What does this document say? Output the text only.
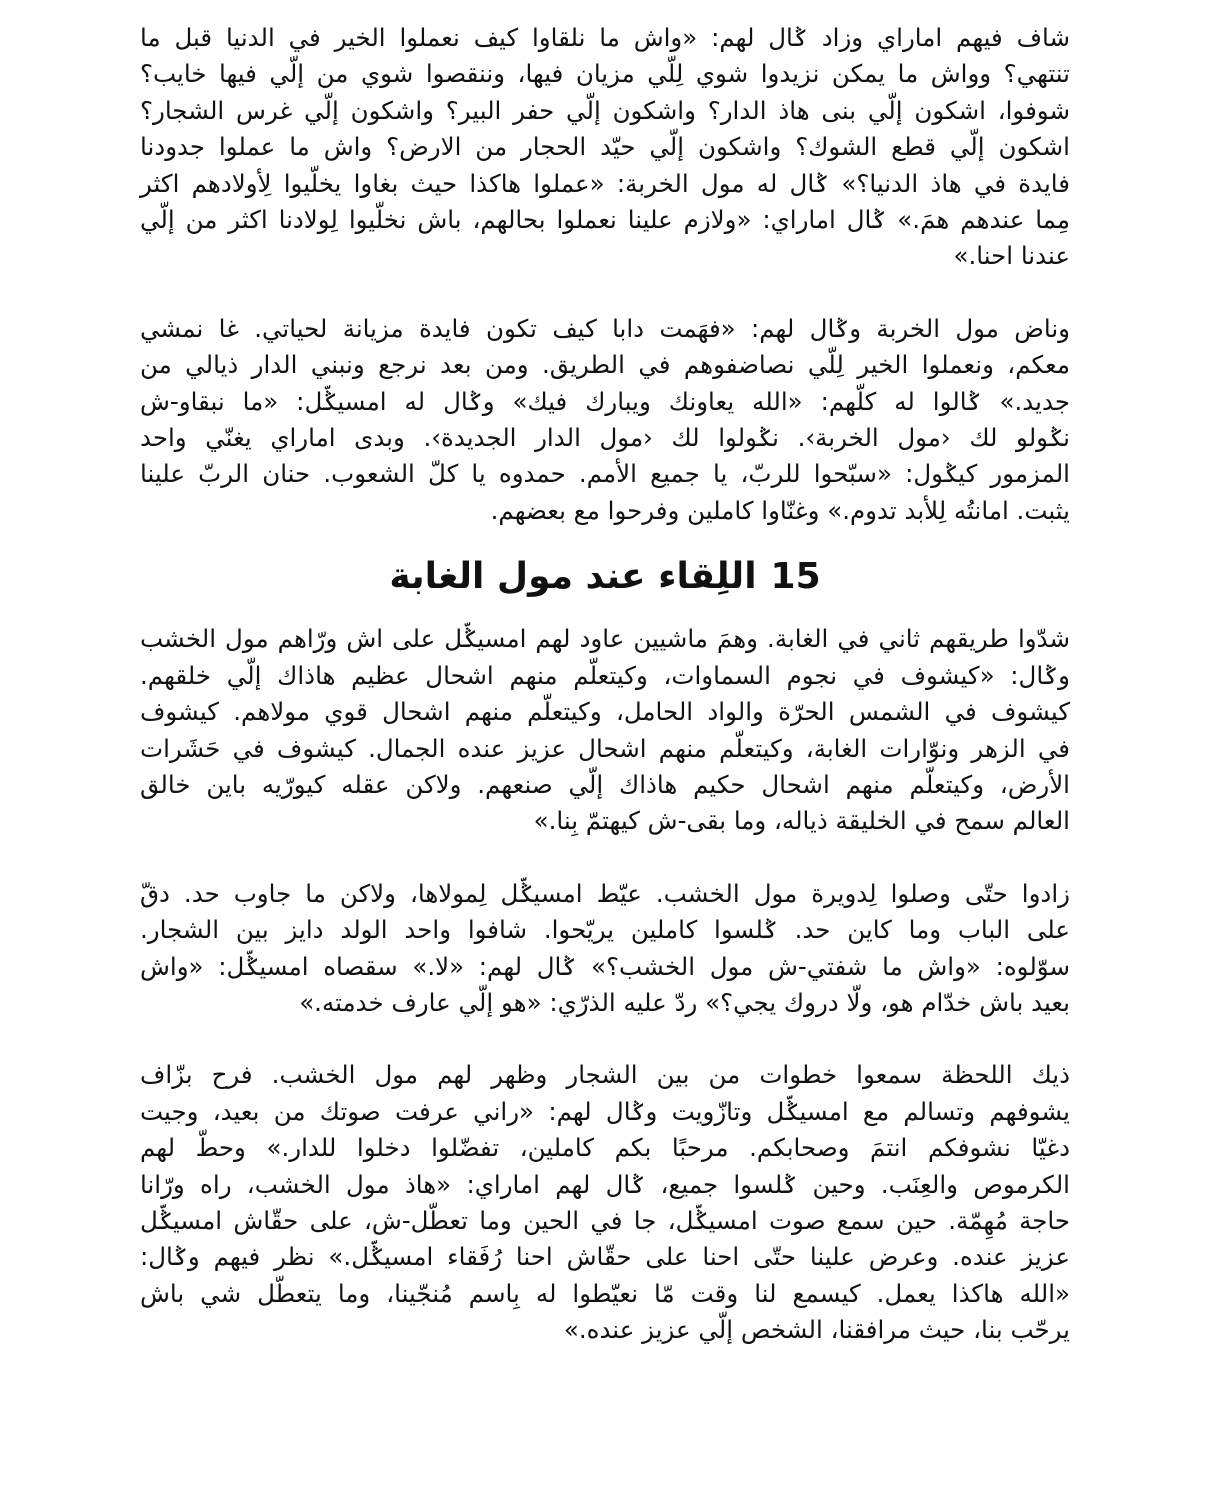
شاف فيهم اماراي وزاد ݣال لهم: «واش ما نلقاوا كيف نعملوا الخير في الدنيا قبل ما
تنتهي؟ وواش ما يمكن نزيدوا شوي لِلّي مزيان فيها، وننقصوا شوي من إلّي فيها خايب؟
شوفوا، اشكون إلّي بنى هاذ الدار؟ واشكون إلّي حفر البير؟ واشكون إلّي غرس الشجار؟
اشكون إلّي قطع الشوك؟ واشكون إلّي حيّد الحجار من الارض؟ واش ما عملوا جدودنا
فايدة في هاذ الدنيا؟» ݣال له مول الخربة: «عملوا هاكذا حيث بغاوا يخلّيوا لِأولادهم اكثر
مِما عندهم همَ.» ݣال اماراي: «ولازم علينا نعملوا بحالهم، باش نخلّيوا لِولادنا اكثر من إلّي
عندنا احنا.»
وناض مول الخربة وݣال لهم: «فهَمت دابا كيف تكون فايدة مزيانة لحياتي. غا نمشي
معكم، ونعملوا الخير لِلّي نصاضفوهم في الطريق. ومن بعد نرجع ونبني الدار ذيالي من
جديد.» ݣالوا له كلّهم: «الله يعاونك ويبارك فيك» وݣال له امسيݣّل: «ما نبقاو-ش
نݣولو لك ‹مول الخربة›. نݣولوا لك ‹مول الدار الجديدة›. وبدى اماراي يغنّي واحد
المزمور كيݣول: «سبّحوا للربّ، يا جميع الأمم. حمدوه يا كلّ الشعوب. حنان الربّ علينا
يثبت. امانتُه لِلأبد تدوم.» وغنّاوا كاملين وفرحوا مع بعضهم.
15اللِقاء عند مول الغابة
شدّوا طريقهم ثاني في الغابة. وهمَ ماشيين عاود لهم امسيݣّل على اش ورّاهم مول الخشب
وݣال: «كيشوف في نجوم السماوات، وكيتعلّم منهم اشحال عظيم هاذاك إلّي خلقهم.
كيشوف في الشمس الحرّة والواد الحامل، وكيتعلّم منهم اشحال قوي مولاهم. كيشوف
في الزهر ونوّارات الغابة، وكيتعلّم منهم اشحال عزيز عنده الجمال. كيشوف في حَشَرات
الأرض، وكيتعلّم منهم اشحال حكيم هاذاك إلّي صنعهم. ولاكن عقله كيورّيه باين خالق
العالم سمح في الخليقة ذياله، وما بقى-ش كيهتمّ بِنا.»
زادوا حتّى وصلوا لِدويرة مول الخشب. عيّط امسيݣّل لِمولاها، ولاكن ما جاوب حد. دقّ
على الباب وما كاين حد. ݣلسوا كاملين يريّحوا. شافوا واحد الولد دايز بين الشجار.
سوّلوه: «واش ما شفتي-ش مول الخشب؟» ݣال لهم: «لا.» سقصاه امسيݣّل: «واش
بعيد باش خدّام هو، ولّا دروك يجي؟» ردّ عليه الذرّي: «هو إلّي عارف خدمته.»
ذيك اللحظة سمعوا خطوات من بين الشجار وظهر لهم مول الخشب. فرح بزّاف
يشوفهم وتسالم مع امسيݣّل وتازّويت وݣال لهم: «راني عرفت صوتك من بعيد، وجيت
دغيّا نشوفكم انتمَ وصحابكم. مرحبًا بكم كاملين، تفضّلوا دخلوا للدار.» وحطّ لهم
الكرموص والعِنَب. وحين ݣلسوا جميع، ݣال لهم اماراي: «هاذ مول الخشب، راه ورّانا
حاجة مُهِمّة. حين سمع صوت امسيݣّل، جا في الحين وما تعطّل-ش، على حقّاش امسيݣّل
عزيز عنده. وعرض علينا حتّى احنا على حقّاش احنا رُفَقاء امسيݣّل.» نظر فيهم وݣال:
«الله هاكذا يعمل. كيسمع لنا وقت مّا نعيّطوا له بِاسم مُنجّينا، وما يتعطّل شي باش
يرحّب بنا، حيث مرافقنا، الشخص إلّي عزيز عنده.»
